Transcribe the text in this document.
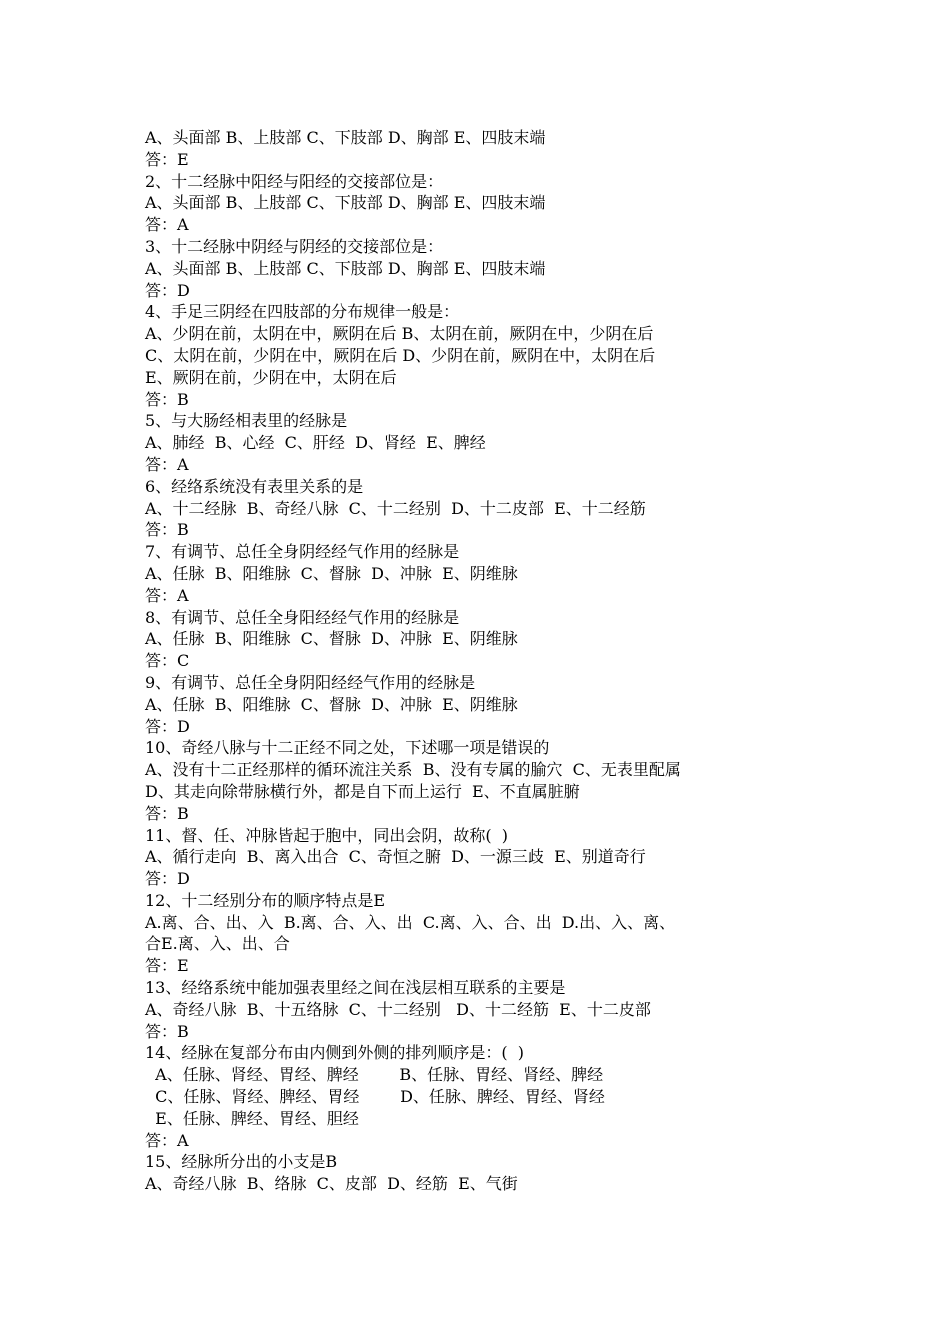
A、头面部 B、上肢部 C、下肢部 D、胸部 E、四肢末端
答：E
2、十二经脉中阳经与阳经的交接部位是：
A、头面部 B、上肢部 C、下肢部 D、胸部 E、四肢末端
答：A
3、十二经脉中阴经与阴经的交接部位是：
A、头面部 B、上肢部 C、下肢部 D、胸部 E、四肢末端
答：D
4、手足三阴经在四肢部的分布规律一般是：
A、少阴在前，太阴在中，厥阴在后 B、太阴在前，厥阴在中，少阴在后
C、太阴在前，少阴在中，厥阴在后 D、少阴在前，厥阴在中，太阴在后
E、厥阴在前，少阴在中，太阴在后
答：B
5、与大肠经相表里的经脉是
A、肺经  B、心经  C、肝经  D、肾经  E、脾经
答：A
6、经络系统没有表里关系的是
A、十二经脉  B、奇经八脉  C、十二经别  D、十二皮部  E、十二经筋
答：B
7、有调节、总任全身阴经经气作用的经脉是
A、任脉  B、阳维脉  C、督脉  D、冲脉  E、阴维脉
答：A
8、有调节、总任全身阳经经气作用的经脉是
A、任脉  B、阳维脉  C、督脉  D、冲脉  E、阴维脉
答：C
9、有调节、总任全身阴阳经经气作用的经脉是
A、任脉  B、阳维脉  C、督脉  D、冲脉  E、阴维脉
答：D
10、奇经八脉与十二正经不同之处，下述哪一项是错误的
A、没有十二正经那样的循环流注关系  B、没有专属的腧穴  C、无表里配属
D、其走向除带脉横行外，都是自下而上运行  E、不直属脏腑
答：B
11、督、任、冲脉皆起于胞中，同出会阴，故称(  )
A、循行走向  B、离入出合  C、奇恒之腑  D、一源三歧  E、别道奇行
答：D
12、十二经别分布的顺序特点是E
A.离、合、出、入  B.离、合、入、出  C.离、入、合、出  D.出、入、离、
合E.离、入、出、合
答：E
13、经络系统中能加强表里经之间在浅层相互联系的主要是
A、奇经八脉  B、十五络脉  C、十二经别   D、十二经筋  E、十二皮部
答：B
14、经脉在复部分布由内侧到外侧的排列顺序是：(  )
A、任脉、肾经、胃经、脾经        B、任脉、胃经、肾经、脾经
C、任脉、肾经、脾经、胃经        D、任脉、脾经、胃经、肾经
E、任脉、脾经、胃经、胆经
答：A
15、经脉所分出的小支是B
A、奇经八脉  B、络脉  C、皮部  D、经筋  E、气街
